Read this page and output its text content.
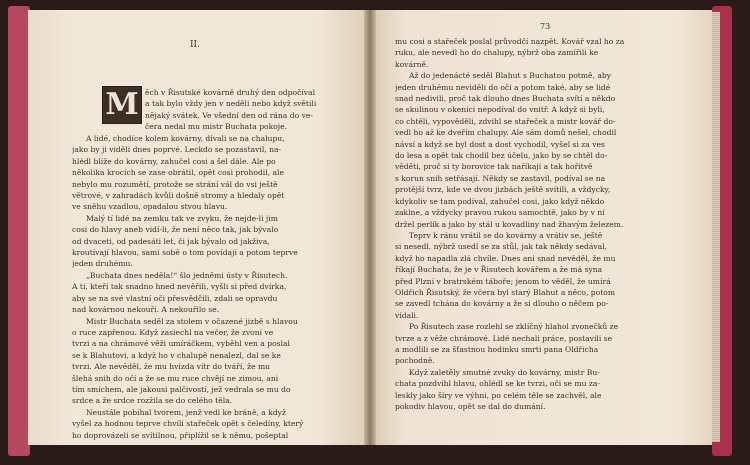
II.
M ěch v Řisutské kovárně druhý den odpočíval
a tak bylo vždy jen v neděli nebo když světili
nějaký svátek. Ve všední den od rána do ve-
čera nedal mu mistr Buchata pokoje.
A lidé, chodíce kolem kovárny, dívali se na chalupu,
jako by ji viděli dnes poprvé. Leckdo se pozastavil, na-
hlédl blíže do kovárny, zahučel cosi a šel dále. Ale po
několika krocích se zase obrátil, opět cosi prohodil, ale
nebylo mu rozumětí, protože se strání vál do vsi ještě
větrové, v zahradách kvůli došně stromy a hledaly opět
ve sněhu vzadlou, opadalou stvou hlavu.
Malý tí lidé na zemku tak ve zvyku, že nejde-li jim
cosi do hlavy aneb vidí-li, že není něco tak, jak bývalo
od dvaceti, od padesáti let, či jak bývalo od jakživa,
kroutívají hlavou, sami sobě o tom povídají a potom teprve
jeden druhému.
„Buchata dnes neděla!“ šlo jedněmi ústy v Řisutech.
A ti, kteří tak snadno hned nevěřili, vyšli si před dvírka,
aby se na své vlastní oči přesvědčili, zdali se opravdu
nad kovárnou nekouří. A nekouřilo se.
Mistr Buchata seděl za stolem v očazené jizbě s hlavou
o ruce zapřenou. Když zasiechl na večer, že zvoní ve
tvrzi a na chrámové věži umíráčkem, vyběhl ven a poslal
se k Blahutovi, a když ho v chalupě nenalezl, dal se ke
tvrzi. Ale nevěděl, že mu hvízda vítr do tváří, že mu
šlehá snih do očí a že se mu ruce chvějí ne zimou, ani
tím smíchem, ale jakousi palčivostí, jež vedrala se mu do
srdce a že srdce rozžila se do celého těla.
Neustále pobíhal tvorem, jenž vedl ke bráně, a když
vyšel za hodnou teprve chvíli stařeček opět s čeledíny, který
ho doprovázeli se svítilnou, připlížil se k němu, pošeptal
73
mu cosi a stařeček poslal průvodčí nazpět. Kovář vzal ho za
ruku, ale nevedl ho do chalupy, nýbrž oba zamířili ke
kovárně.
Až do jedenácté seděl Blahut s Buchatou potmě, aby
jeden druhému neviděli do očí a potom také, aby se lidé
snad nedivili, proč tak dlouho dnes Buchata svítí a někdo
se skulinou v okenici nepodíval do vnitř. A když si byli,
co chtěli, vypověděli, zdvihl se stařeček a mistr kovář do-
vedl ho až ke dveřím chalupy. Ale sám domů nešel, chodil
návsí a když se byl dost a dost vychodil, vyšel si za ves
do lesa a opět tak chodil bez účelu, jako by se chtěl do-
věděti, proč si ty borovice tak naříkají a tak hořitvě
s korun snih setřásají. Někdy se zastavil, podíval se na
protější tvrz, kde ve dvou jizbách ještě svítili, a vždycky,
kdykoliv se tam podíval, zahučel cosi, jako když někdo
zaklne, a vždycky pravou rukou samochtě, jako by v ní
držel perlík a jako by stál u kovadliny nad žhavým železem.
Teprv k ránu vrátil se do kovárny a vrátiv se, ještě
si nesedl, nýbrž usedl se za stůl, jak tak někdy sedával,
když ho napadla zlá chvíle. Dnes ani snad nevěděl, že mu
říkají Buchata, že je v Řisutech kovářem a že má syna
před Plzní v bratrském táboře; jenom to věděl, že umírá
Oldřich Řisutský, že včera byl starý Blahut a něco, potom
se zavedl tchána do kovárny a že si dlouho o něčem po-
vídali.
Po Řisutech zase rozlehl se zklíčný hlahol zvonečků ze
tvrze a z věže chrámové. Lidé nechali práce, postavili se
a modlili se za šťastnou hodinku smrti pana Oldřicha
pochodně.
Když zaletěly smutné zvuky do kovárny, mistr Bu-
chata pozdvihl hlavu, ohlédl se ke tvrzi, oči se mu za-
leskly jako šíry ve výhni, po celém těle se zachvěl, ale
pokodiv hlavou, opět se dal do dumání.
